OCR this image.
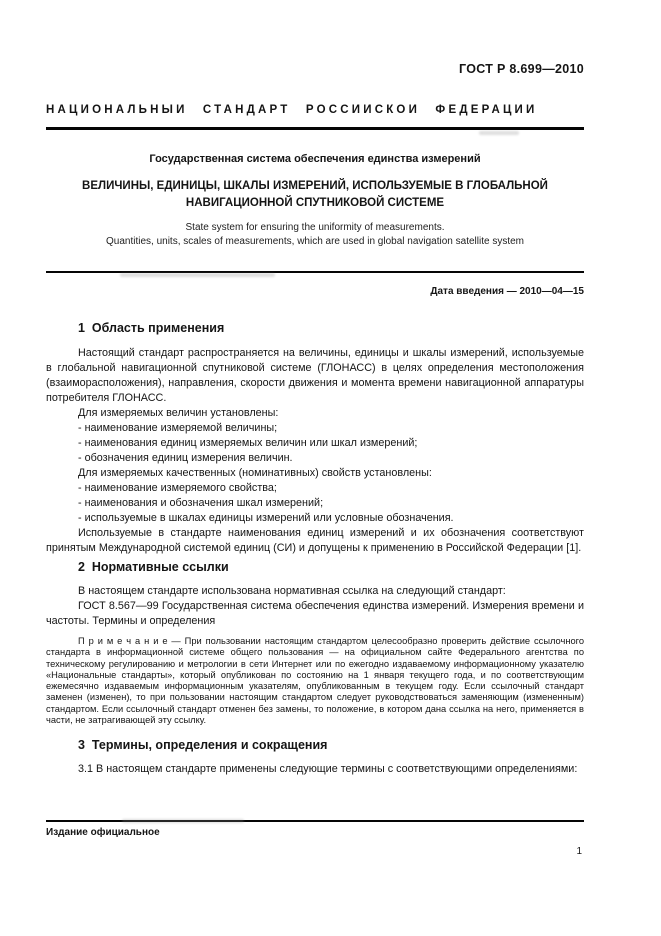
ГОСТ Р 8.699—2010
НАЦИОНАЛЬНЫЙ СТАНДАРТ РОССИЙСКОЙ ФЕДЕРАЦИИ
Государственная система обеспечения единства измерений
ВЕЛИЧИНЫ, ЕДИНИЦЫ, ШКАЛЫ ИЗМЕРЕНИЙ, ИСПОЛЬЗУЕМЫЕ В ГЛОБАЛЬНОЙ
НАВИГАЦИОННОЙ СПУТНИКОВОЙ СИСТЕМЕ
State system for ensuring the uniformity of measurements.
Quantities, units, scales of measurements, which are used in global navigation satellite system
Дата введения — 2010—04—15
1  Область применения

Настоящий стандарт распространяется на величины, единицы и шкалы измерений, используемые в глобальной навигационной спутниковой системе (ГЛОНАСС) в целях определения местоположения (взаиморасположения), направления, скорости движения и момента времени навигационной аппаратуры потребителя ГЛОНАСС.

Для измеряемых величин установлены:

- наименование измеряемой величины;

- наименования единиц измеряемых величин или шкал измерений;

- обозначения единиц измерения величин.

Для измеряемых качественных (номинативных) свойств установлены:

- наименование измеряемого свойства;

- наименования и обозначения шкал измерений;

- используемые в шкалах единицы измерений или условные обозначения.

Используемые в стандарте наименования единиц измерений и их обозначения соответствуют принятым Международной системой единиц (СИ) и допущены к применению в Российской Федерации [1].

2  Нормативные ссылки

В настоящем стандарте использована нормативная ссылка на следующий стандарт:

ГОСТ 8.567—99 Государственная система обеспечения единства измерений. Измерения времени и частоты. Термины и определения

П р и м е ч а н и е — При пользовании настоящим стандартом целесообразно проверить действие ссылочного стандарта в информационной системе общего пользования — на официальном сайте Федерального агентства по техническому регулированию и метрологии в сети Интернет или по ежегодно издаваемому информационному указателю «Национальные стандарты», который опубликован по состоянию на 1 января текущего года, и по соответствующим ежемесячно издаваемым информационным указателям, опубликованным в текущем году. Если ссылочный стандарт заменен (изменен), то при пользовании настоящим стандартом следует руководствоваться заменяющим (измененным) стандартом. Если ссылочный стандарт отменен без замены, то положение, в котором дана ссылка на него, применяется в части, не затрагивающей эту ссылку.

3  Термины, определения и сокращения

3.1 В настоящем стандарте применены следующие термины с соответствующими определениями:

Издание официальное
1
